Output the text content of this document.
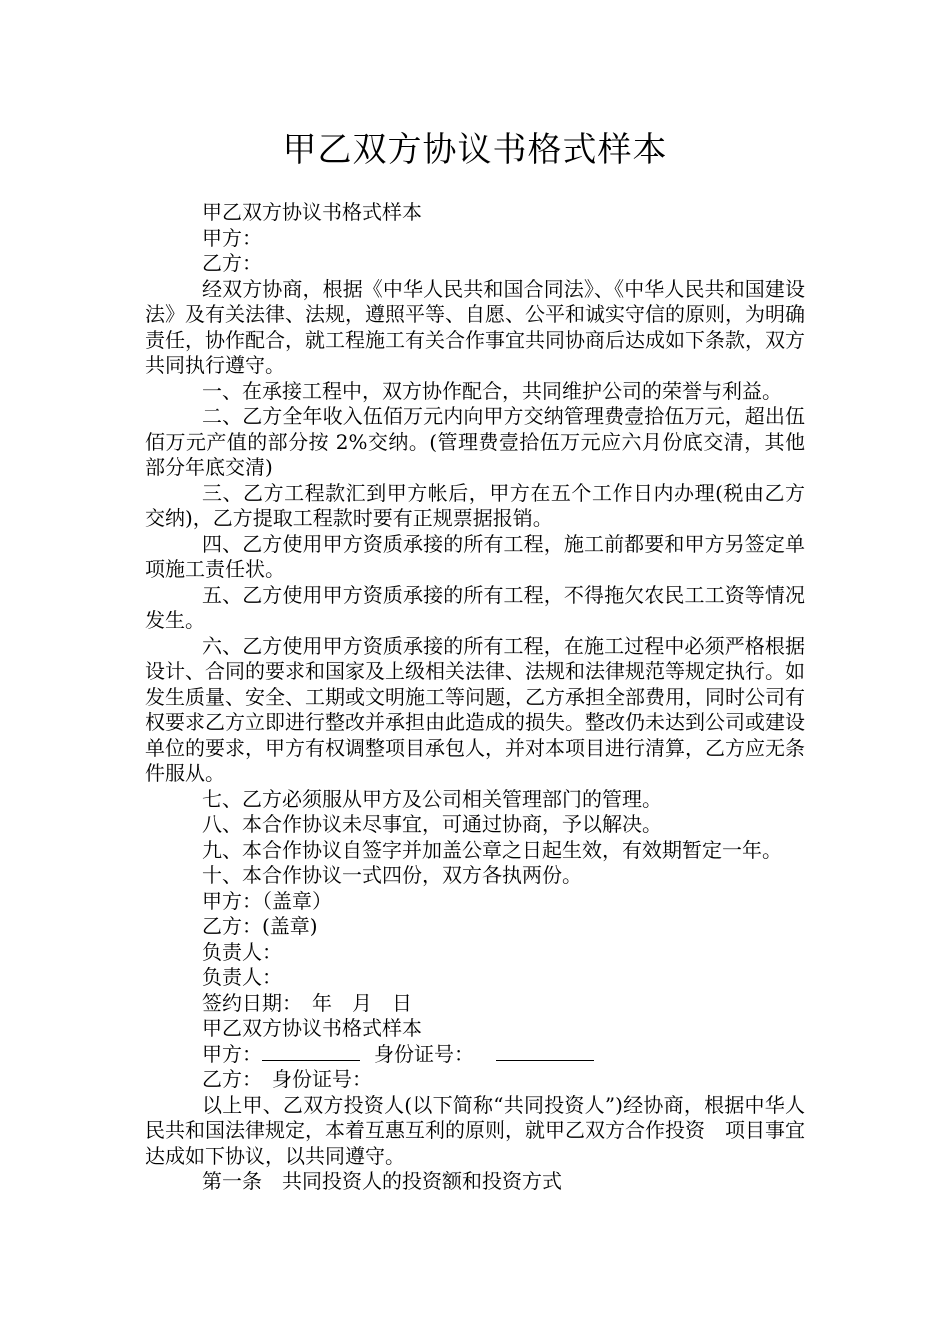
甲乙双方协议书格式样本

甲乙双方协议书格式样本

甲方：

乙方：

经双方协商，根据《中华人民共和国合同法》、《中华人民共和国建设法》及有关法律、法规，遵照平等、自愿、公平和诚实守信的原则，为明确责任，协作配合，就工程施工有关合作事宜共同协商后达成如下条款，双方共同执行遵守。

一、在承接工程中，双方协作配合，共同维护公司的荣誉与利益。

二、乙方全年收入伍佰万元内向甲方交纳管理费壹拾伍万元，超出伍佰万元产值的部分按 2%交纳。(管理费壹拾伍万元应六月份底交清，其他部分年底交清)

三、乙方工程款汇到甲方帐后，甲方在五个工作日内办理(税由乙方交纳)，乙方提取工程款时要有正规票据报销。

四、乙方使用甲方资质承接的所有工程，施工前都要和甲方另签定单项施工责任状。

五、乙方使用甲方资质承接的所有工程，不得拖欠农民工工资等情况发生。

六、乙方使用甲方资质承接的所有工程，在施工过程中必须严格根据设计、合同的要求和国家及上级相关法律、法规和法律规范等规定执行。如发生质量、安全、工期或文明施工等问题，乙方承担全部费用，同时公司有权要求乙方立即进行整改并承担由此造成的损失。整改仍未达到公司或建设单位的要求，甲方有权调整项目承包人，并对本项目进行清算，乙方应无条件服从。

七、乙方必须服从甲方及公司相关管理部门的管理。

八、本合作协议未尽事宜，可通过协商，予以解决。

九、本合作协议自签字并加盖公章之日起生效，有效期暂定一年。

十、本合作协议一式四份，双方各执两份。

甲方：（盖章）

乙方：(盖章)

负责人：

负责人：

签约日期：　年　月　日

甲乙双方协议书格式样本

甲方：	身份证号：

乙方：　身份证号：

以上甲、乙双方投资人(以下简称“共同投资人”)经协商，根据中华人民共和国法律规定，本着互惠互利的原则，就甲乙双方合作投资　项目事宜达成如下协议，以共同遵守。

第一条　共同投资人的投资额和投资方式
